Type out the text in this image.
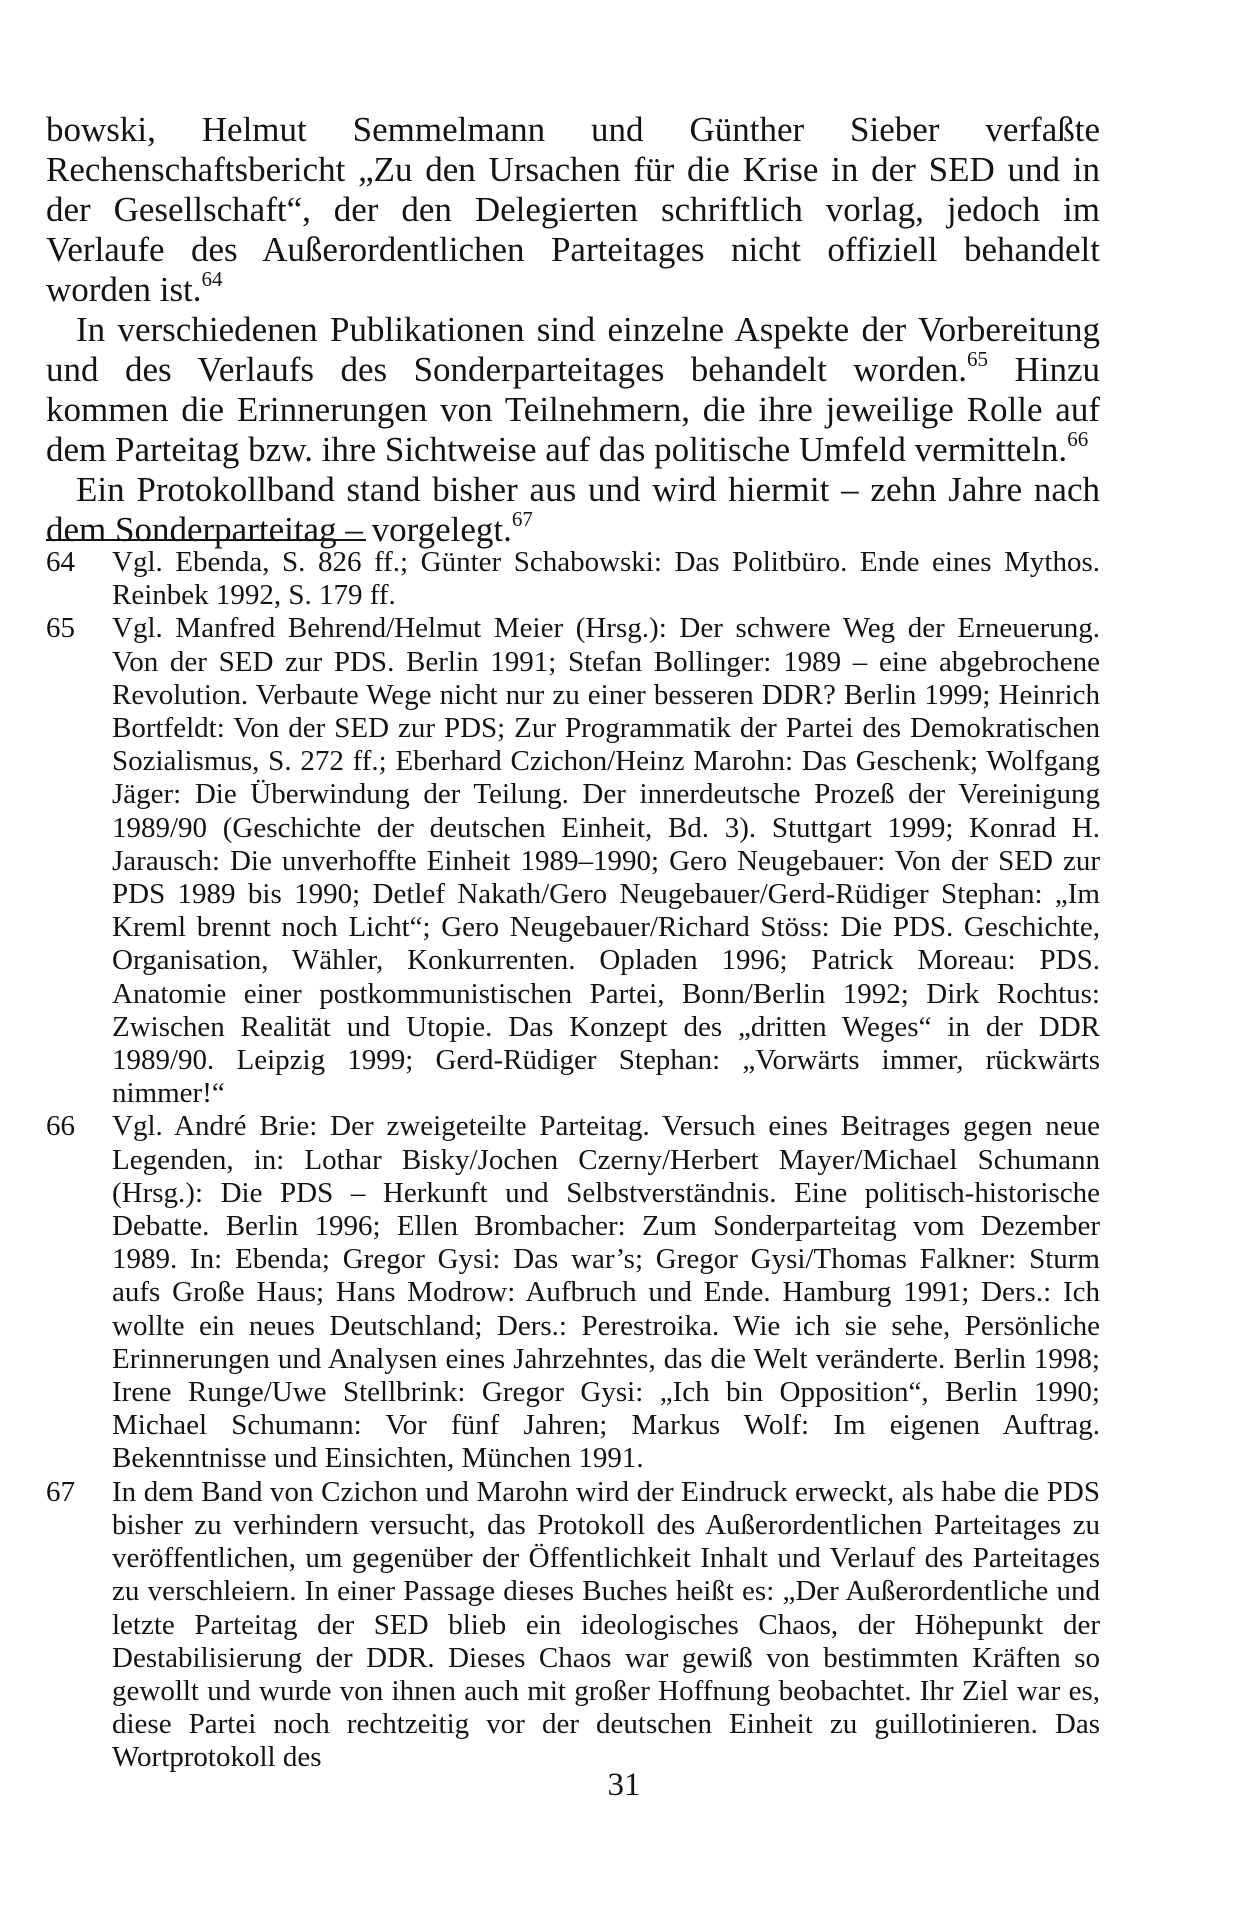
bowski, Helmut Semmelmann und Günther Sieber verfaßte Rechenschaftsbericht „Zu den Ursachen für die Krise in der SED und in der Gesellschaft“, der den Delegierten schriftlich vorlag, jedoch im Verlaufe des Außerordentlichen Parteitages nicht offiziell behandelt worden ist.$^{64}$

In verschiedenen Publikationen sind einzelne Aspekte der Vorbereitung und des Verlaufs des Sonderparteitages behandelt worden.$^{65}$ Hinzu kommen die Erinnerungen von Teilnehmern, die ihre jeweilige Rolle auf dem Parteitag bzw. ihre Sichtweise auf das politische Umfeld vermitteln.$^{66}$

Ein Protokollband stand bisher aus und wird hiermit – zehn Jahre nach dem Sonderparteitag – vorgelegt.$^{67}$

64	Vgl. Ebenda, S. 826 ff.; Günter Schabowski: Das Politbüro. Ende eines Mythos. Reinbek 1992, S. 179 ff.
65	Vgl. Manfred Behrend/Helmut Meier (Hrsg.): Der schwere Weg der Erneuerung. Von der SED zur PDS. Berlin 1991; Stefan Bollinger: 1989 – eine abgebrochene Revolution. Verbaute Wege nicht nur zu einer besseren DDR? Berlin 1999; Heinrich Bortfeldt: Von der SED zur PDS; Zur Programmatik der Partei des Demokratischen Sozialismus, S. 272 ff.; Eberhard Czichon/Heinz Marohn: Das Geschenk; Wolfgang Jäger: Die Überwindung der Teilung. Der innerdeutsche Prozeß der Vereinigung 1989/90 (Geschichte der deutschen Einheit, Bd. 3). Stuttgart 1999; Konrad H. Jarausch: Die unverhoffte Einheit 1989–1990; Gero Neugebauer: Von der SED zur PDS 1989 bis 1990; Detlef Nakath/Gero Neugebauer/Gerd-Rüdiger Stephan: „Im Kreml brennt noch Licht“; Gero Neugebauer/Richard Stöss: Die PDS. Geschichte, Organisation, Wähler, Konkurrenten. Opladen 1996; Patrick Moreau: PDS. Anatomie einer postkommunistischen Partei, Bonn/Berlin 1992; Dirk Rochtus: Zwischen Realität und Utopie. Das Konzept des „dritten Weges“ in der DDR 1989/90. Leipzig 1999; Gerd-Rüdiger Stephan: „Vorwärts immer, rückwärts nimmer!“
66	Vgl. André Brie: Der zweigeteilte Parteitag. Versuch eines Beitrages gegen neue Legenden, in: Lothar Bisky/Jochen Czerny/Herbert Mayer/Michael Schumann (Hrsg.): Die PDS – Herkunft und Selbstverständnis. Eine politisch-historische Debatte. Berlin 1996; Ellen Brombacher: Zum Sonderparteitag vom Dezember 1989. In: Ebenda; Gregor Gysi: Das war’s; Gregor Gysi/Thomas Falkner: Sturm aufs Große Haus; Hans Modrow: Aufbruch und Ende. Hamburg 1991; Ders.: Ich wollte ein neues Deutschland; Ders.: Perestroika. Wie ich sie sehe, Persönliche Erinnerungen und Analysen eines Jahrzehntes, das die Welt veränderte. Berlin 1998; Irene Runge/Uwe Stellbrink: Gregor Gysi: „Ich bin Opposition“, Berlin 1990; Michael Schumann: Vor fünf Jahren; Markus Wolf: Im eigenen Auftrag. Bekenntnisse und Einsichten, München 1991.
67	In dem Band von Czichon und Marohn wird der Eindruck erweckt, als habe die PDS bisher zu verhindern versucht, das Protokoll des Außerordentlichen Parteitages zu veröffentlichen, um gegenüber der Öffentlichkeit Inhalt und Verlauf des Parteitages zu verschleiern. In einer Passage dieses Buches heißt es: „Der Außerordentliche und letzte Parteitag der SED blieb ein ideologisches Chaos, der Höhepunkt der Destabilisierung der DDR. Dieses Chaos war gewiß von bestimmten Kräften so gewollt und wurde von ihnen auch mit großer Hoffnung beobachtet. Ihr Ziel war es, diese Partei noch rechtzeitig vor der deutschen Einheit zu guillotinieren. Das Wortprotokoll des
31
